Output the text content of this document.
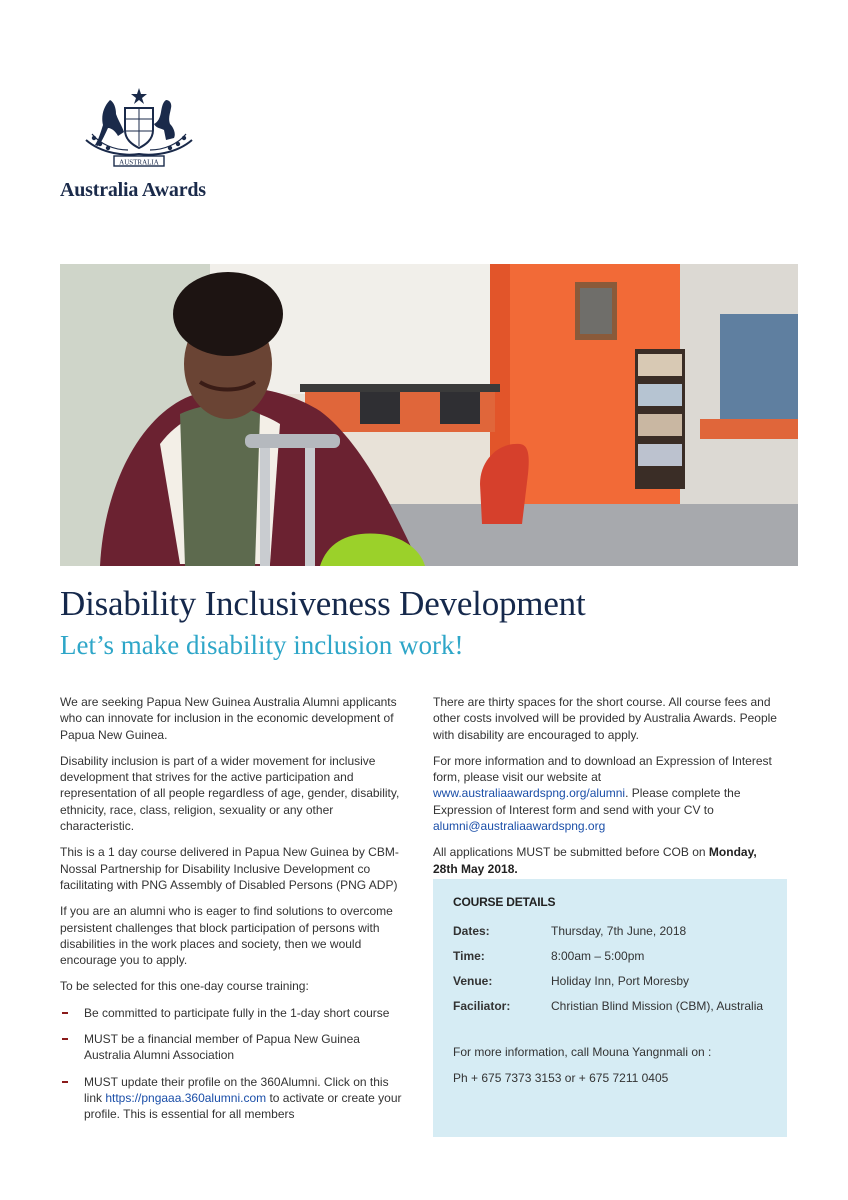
AUSTRALIA
Australia Awards
Disability Inclusiveness Development
Let’s make disability inclusion work!

We are seeking Papua New Guinea Australia Alumni applicants who can innovate for inclusion in the economic development of Papua New Guinea.

Disability inclusion is part of a wider movement for inclusive development that strives for the active participation and representation of all people regardless of age, gender, disability, ethnicity, race, class, religion, sexuality or any other characteristic.

This is a 1 day course delivered in Papua New Guinea by CBM-Nossal Partnership for Disability Inclusive Development co facilitating with PNG Assembly of Disabled Persons (PNG ADP)

If you are an alumni who is eager to find solutions to overcome persistent challenges that block participation of persons with disabilities in the work places and society, then we would encourage you to apply.

To be selected for this one-day course training:

Be committed to participate fully in the 1-day short course
MUST be a financial member of Papua New Guinea Australia Alumni Association
MUST update their profile on the 360Alumni. Click on this link https://pngaaa.360alumni.com to activate or create your profile. This is essential for all members

There are thirty spaces for the short course. All course fees and other costs involved will be provided by Australia Awards. People with disability are encouraged to apply.

For more information and to download an Expression of Interest form, please visit our website at www.australiaawardspng.org/alumni. Please complete the Expression of Interest form and send with your CV to alumni@australiaawardspng.org

All applications MUST be submitted before COB on Monday, 28th May 2018.

COURSE DETAILS
Dates:	Thursday, 7th June, 2018
Time:	8:00am – 5:00pm
Venue:	Holiday Inn, Port Moresby
Faciliator:	Christian Blind Mission (CBM), Australia
For more information, call Mouna Yangnmali on :
Ph + 675 7373 3153 or + 675 7211 0405
